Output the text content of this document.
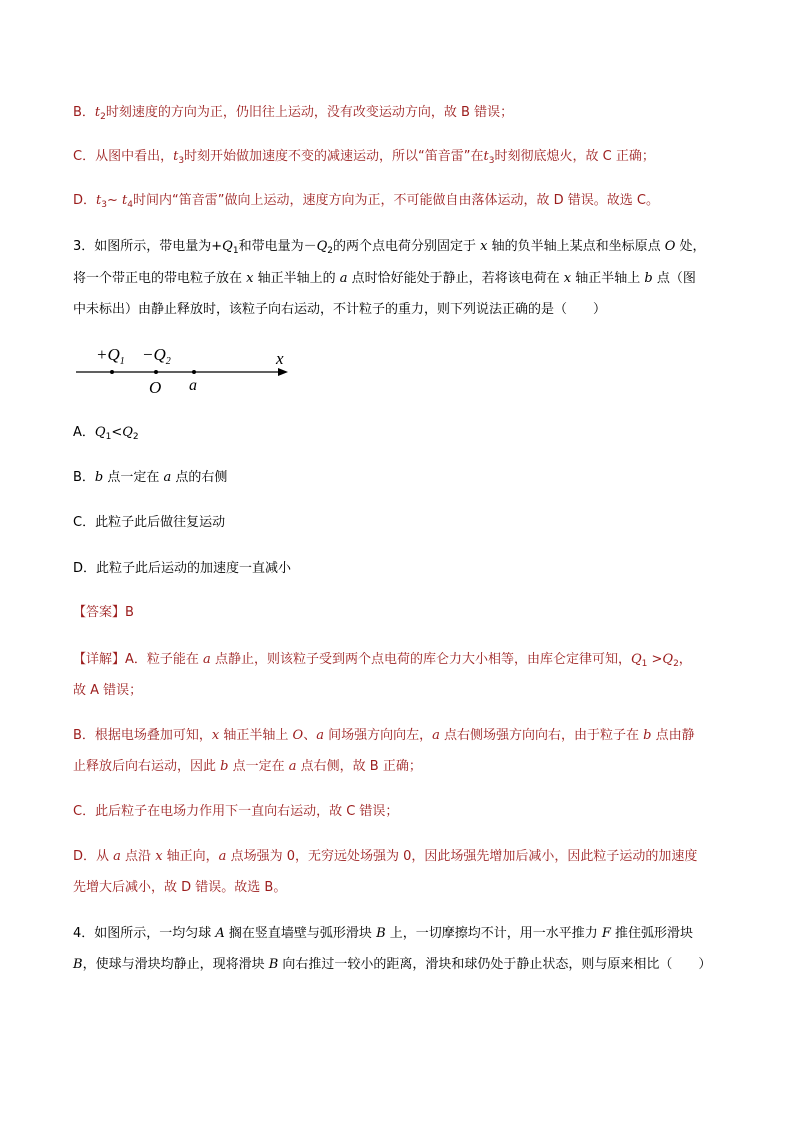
B．$t_2$时刻速度的方向为正，仍旧往上运动，没有改变运动方向，故 B 错误；
C．从图中看出，$t_3$时刻开始做加速度不变的减速运动，所以“笛音雷”在$t_3$时刻彻底熄火，故 C 正确；
D．$t_3\sim$ $t_4$时间内“笛音雷”做向上运动，速度方向为正，不可能做自由落体运动，故 D 错误。故选 C。
3．如图所示，带电量为$+Q_1$和带电量为$-Q_2$的两个点电荷分别固定于 x 轴的负半轴上某点和坐标原点 O 处，
将一个带正电的带电粒子放在 x 轴正半轴上的 a 点时恰好能处于静止，若将该电荷在 x 轴正半轴上 b 点（图
中未标出）由静止释放时，该粒子向右运动，不计粒子的重力，则下列说法正确的是（　　）
$+Q_1 -Q_2$
O a
x
A．$Q_1<Q_2$
B．b 点一定在 a 点的右侧
C．此粒子此后做往复运动
D．此粒子此后运动的加速度一直减小
【答案】B
【详解】A．粒子能在 a 点静止，则该粒子受到两个点电荷的库仑力大小相等，由库仑定律可知，$Q_1 >Q_2$，
故 A 错误；
B．根据电场叠加可知，x 轴正半轴上 O、a 间场强方向向左，a 点右侧场强方向向右，由于粒子在 b 点由静
止释放后向右运动，因此 b 点一定在 a 点右侧，故 B 正确；
C．此后粒子在电场力作用下一直向右运动，故 C 错误；
D．从 a 点沿 x 轴正向，a 点场强为 0，无穷远处场强为 0，因此场强先增加后减小，因此粒子运动的加速度
先增大后减小，故 D 错误。故选 B。
4．如图所示，一均匀球 A 搁在竖直墙壁与弧形滑块 B 上，一切摩擦均不计，用一水平推力 F 推住弧形滑块
B，使球与滑块均静止，现将滑块 B 向右推过一较小的距离，滑块和球仍处于静止状态，则与原来相比（　　）
